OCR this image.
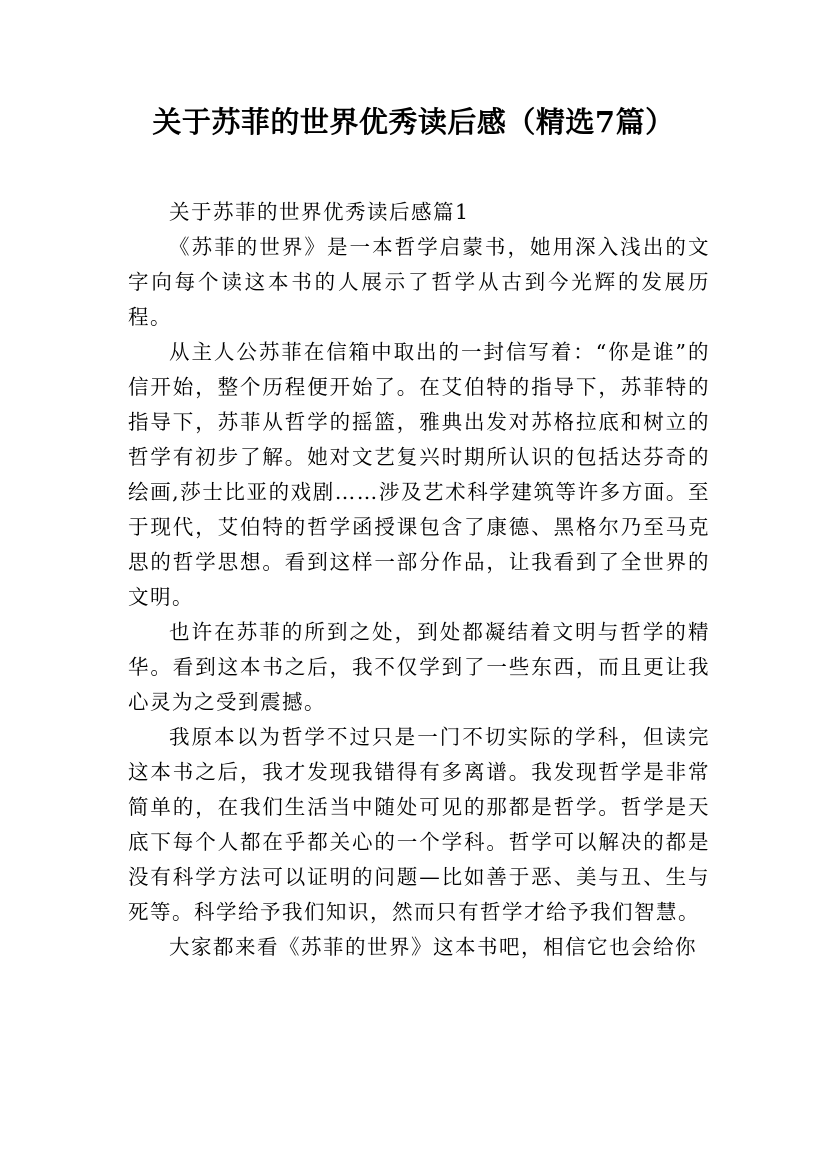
关于苏菲的世界优秀读后感（精选7篇）

关于苏菲的世界优秀读后感篇1

《苏菲的世界》是一本哲学启蒙书，她用深入浅出的文字向每个读这本书的人展示了哲学从古到今光辉的发展历程。

从主人公苏菲在信箱中取出的一封信写着：“你是谁”的信开始，整个历程便开始了。在艾伯特的指导下，苏菲特的指导下，苏菲从哲学的摇篮，雅典出发对苏格拉底和树立的哲学有初步了解。她对文艺复兴时期所认识的包括达芬奇的绘画,莎士比亚的戏剧……涉及艺术科学建筑等许多方面。至于现代，艾伯特的哲学函授课包含了康德、黑格尔乃至马克思的哲学思想。看到这样一部分作品，让我看到了全世界的文明。

也许在苏菲的所到之处，到处都凝结着文明与哲学的精华。看到这本书之后，我不仅学到了一些东西，而且更让我心灵为之受到震撼。

我原本以为哲学不过只是一门不切实际的学科，但读完这本书之后，我才发现我错得有多离谱。我发现哲学是非常简单的，在我们生活当中随处可见的那都是哲学。哲学是天底下每个人都在乎都关心的一个学科。哲学可以解决的都是没有科学方法可以证明的问题—比如善于恶、美与丑、生与死等。科学给予我们知识，然而只有哲学才给予我们智慧。

大家都来看《苏菲的世界》这本书吧，相信它也会给你
